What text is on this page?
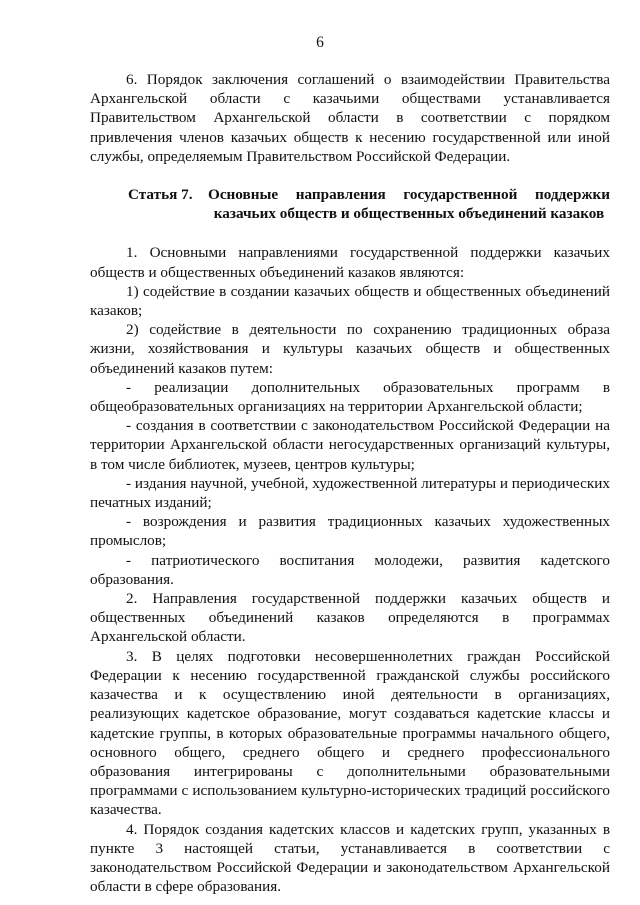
6

6. Порядок заключения соглашений о взаимодействии Правительства Архангельской области с казачьими обществами устанавливается Правительством Архангельской области в соответствии с порядком привлечения членов казачьих обществ к несению государственной или иной службы, определяемым Правительством Российской Федерации.

Статья 7.	Основные направления государственной поддержки казачьих обществ и общественных объединений казаков

1. Основными направлениями государственной поддержки казачьих обществ и общественных объединений казаков являются:

1) содействие в создании казачьих обществ и общественных объединений казаков;

2) содействие в деятельности по сохранению традиционных образа жизни, хозяйствования и культуры казачьих обществ и общественных объединений казаков путем:

- реализации дополнительных образовательных программ в общеобразовательных организациях на территории Архангельской области;

- создания в соответствии с законодательством Российской Федерации на территории Архангельской области негосударственных организаций культуры, в том числе библиотек, музеев, центров культуры;

- издания научной, учебной, художественной литературы и периодических печатных изданий;

- возрождения и развития традиционных казачьих художественных промыслов;

- патриотического воспитания молодежи, развития кадетского образования.

2. Направления государственной поддержки казачьих обществ и общественных объединений казаков определяются в программах Архангельской области.

3. В целях подготовки несовершеннолетних граждан Российской Федерации к несению государственной гражданской службы российского казачества и к осуществлению иной деятельности в организациях, реализующих кадетское образование, могут создаваться кадетские классы и кадетские группы, в которых образовательные программы начального общего, основного общего, среднего общего и среднего профессионального образования интегрированы с дополнительными образовательными программами с использованием культурно-исторических традиций российского казачества.

4. Порядок создания кадетских классов и кадетских групп, указанных в пункте 3 настоящей статьи, устанавливается в соответствии с законодательством Российской Федерации и законодательством Архангельской области в сфере образования.
